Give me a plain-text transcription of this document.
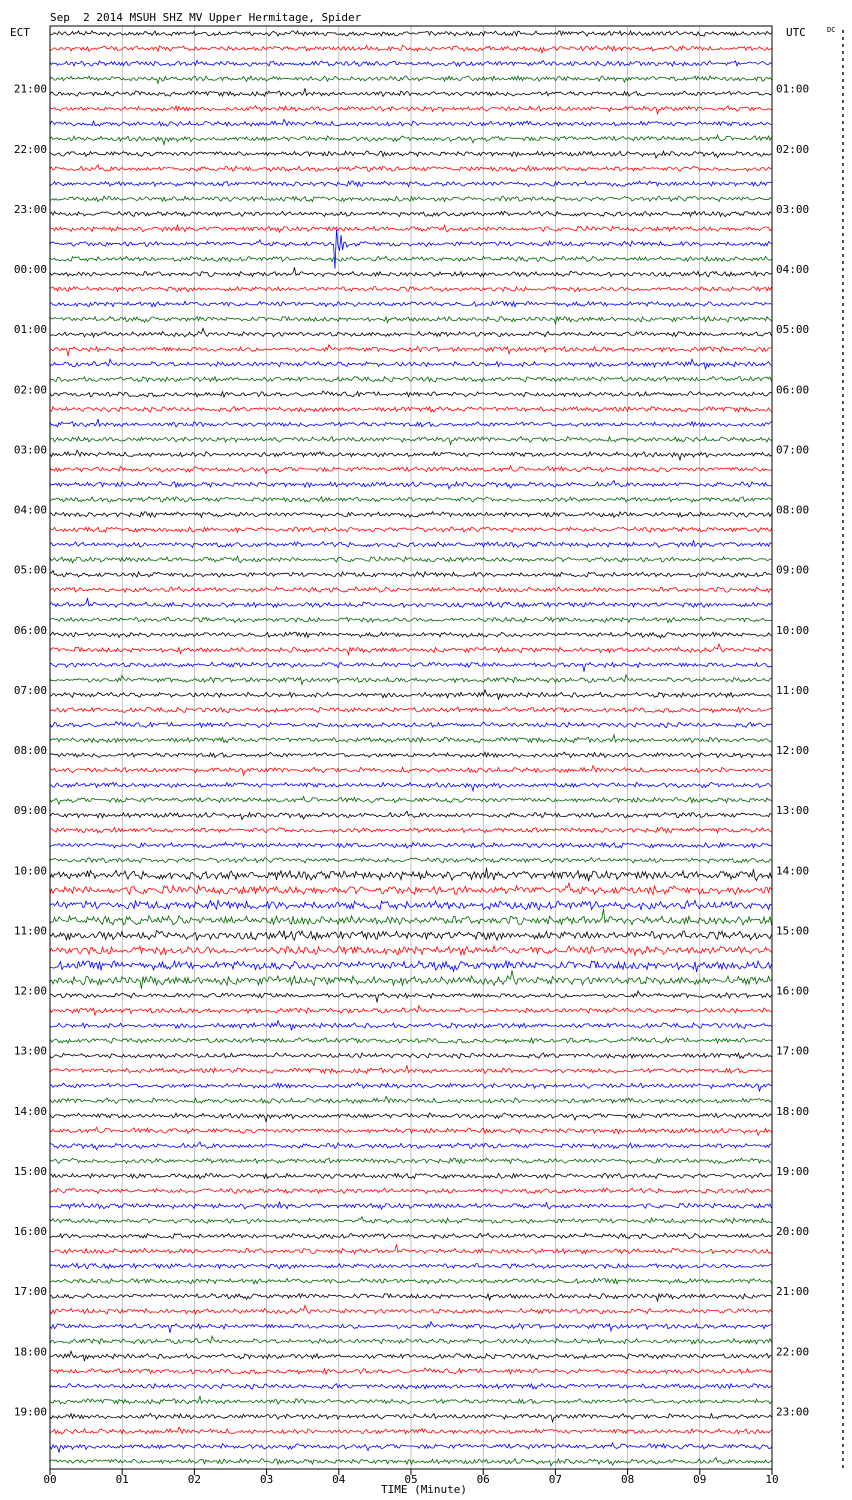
Sep  2 2014 MSUH SHZ MV Upper Hermitage, Spider
ECT	UTC	DC
21:00
22:00
23:00
00:00
01:00
02:00
03:00
04:00
05:00
06:00
07:00
08:00
09:00
10:00
11:00
12:00
13:00
14:00
15:00
16:00
17:00
18:00
19:00
01:00
02:00
03:00
04:00
05:00
06:00
07:00
08:00
09:00
10:00
11:00
12:00
13:00
14:00
15:00
16:00
17:00
18:00
19:00
20:00
21:00
22:00
23:00
00	01	02	03	04	05	06	07	08	09	10
TIME (Minute)
